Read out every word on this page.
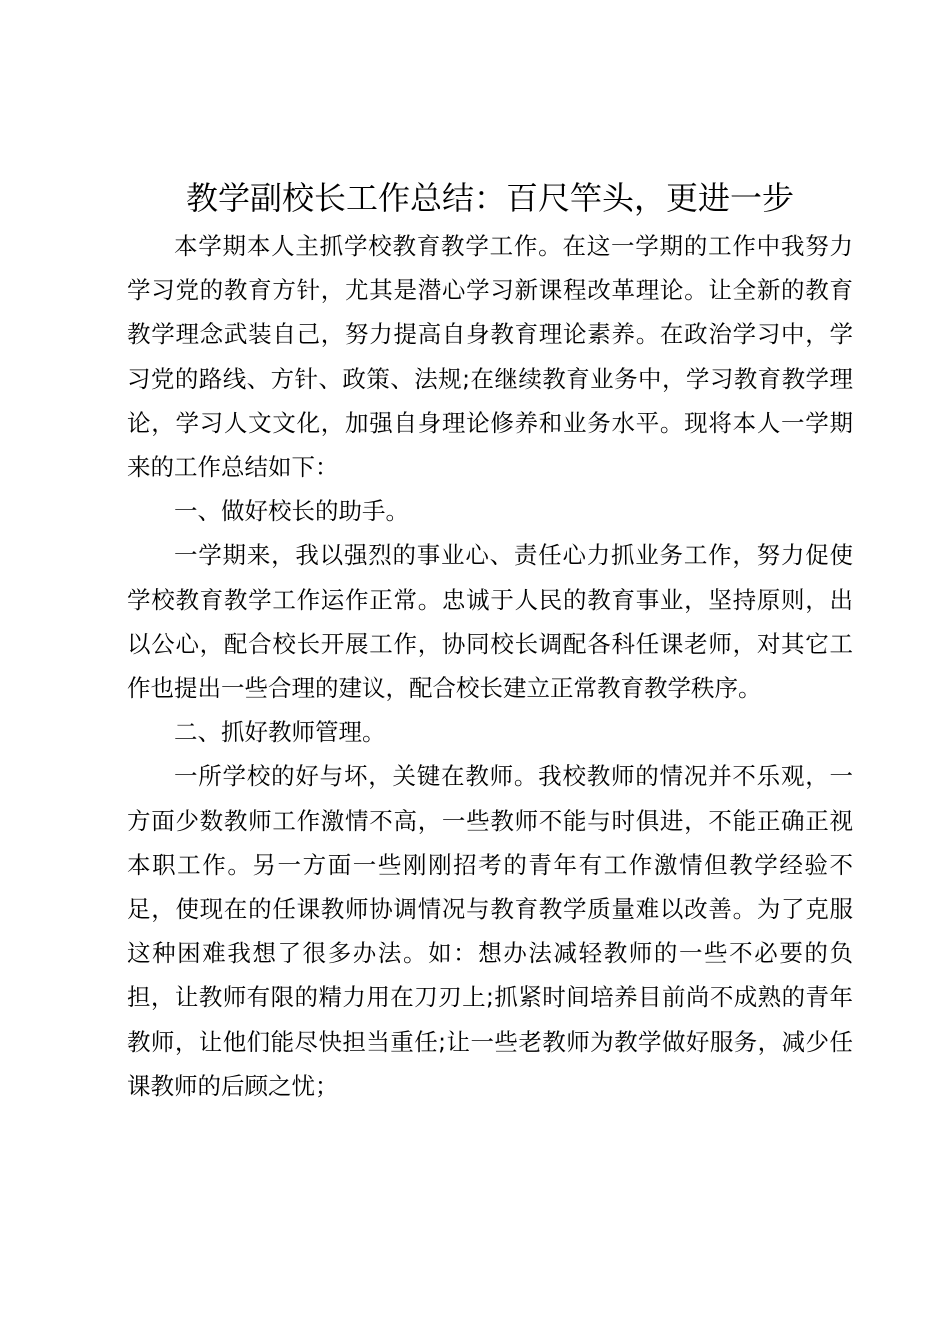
教学副校长工作总结：百尺竿头，更进一步

本学期本人主抓学校教育教学工作。在这一学期的工作中我努力学习党的教育方针，尤其是潜心学习新课程改革理论。让全新的教育教学理念武装自己，努力提高自身教育理论素养。在政治学习中，学习党的路线、方针、政策、法规;在继续教育业务中，学习教育教学理论，学习人文文化，加强自身理论修养和业务水平。现将本人一学期来的工作总结如下：

一、做好校长的助手。

一学期来，我以强烈的事业心、责任心力抓业务工作，努力促使学校教育教学工作运作正常。忠诚于人民的教育事业，坚持原则，出以公心，配合校长开展工作，协同校长调配各科任课老师，对其它工作也提出一些合理的建议，配合校长建立正常教育教学秩序。

二、抓好教师管理。

一所学校的好与坏，关键在教师。我校教师的情况并不乐观，一方面少数教师工作激情不高，一些教师不能与时俱进，不能正确正视本职工作。另一方面一些刚刚招考的青年有工作激情但教学经验不足，使现在的任课教师协调情况与教育教学质量难以改善。为了克服这种困难我想了很多办法。如：想办法减轻教师的一些不必要的负担，让教师有限的精力用在刀刃上;抓紧时间培养目前尚不成熟的青年教师，让他们能尽快担当重任;让一些老教师为教学做好服务，减少任课教师的后顾之忧；
